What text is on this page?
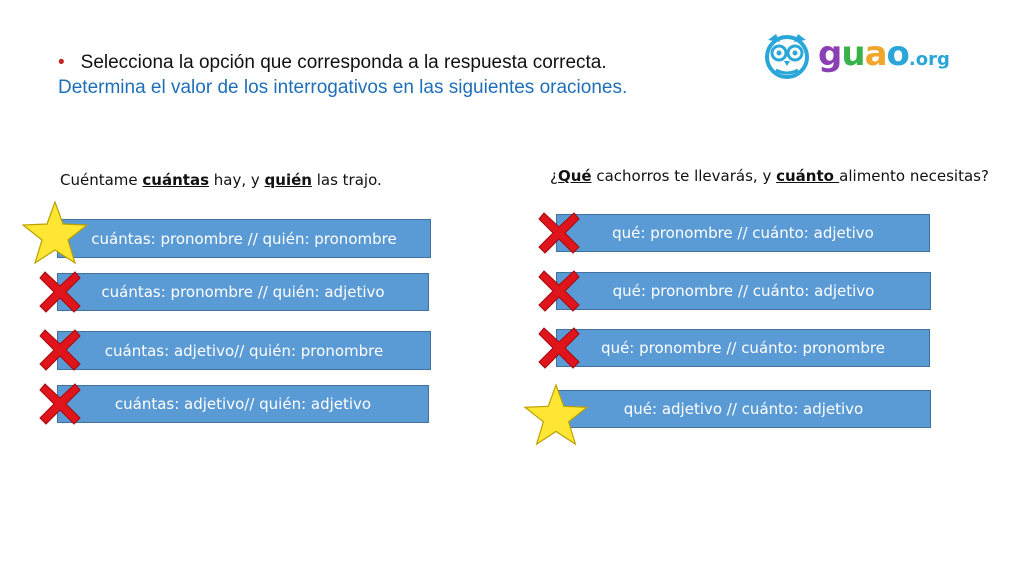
• Selecciona la opción que corresponda a la respuesta correcta.
Determina el valor de los interrogativos en las siguientes oraciones.
guao.org
Cuéntame cuántas hay, y quién las trajo.	¿Qué cachorros te llevarás, y cuánto alimento necesitas?
cuántas: pronombre // quién: pronombre
cuántas: pronombre // quién: adjetivo
cuántas: adjetivo// quién: pronombre
cuántas: adjetivo// quién: adjetivo
qué: pronombre // cuánto: adjetivo
qué: pronombre // cuánto: adjetivo
qué: pronombre // cuánto: pronombre
qué: adjetivo // cuánto: adjetivo
